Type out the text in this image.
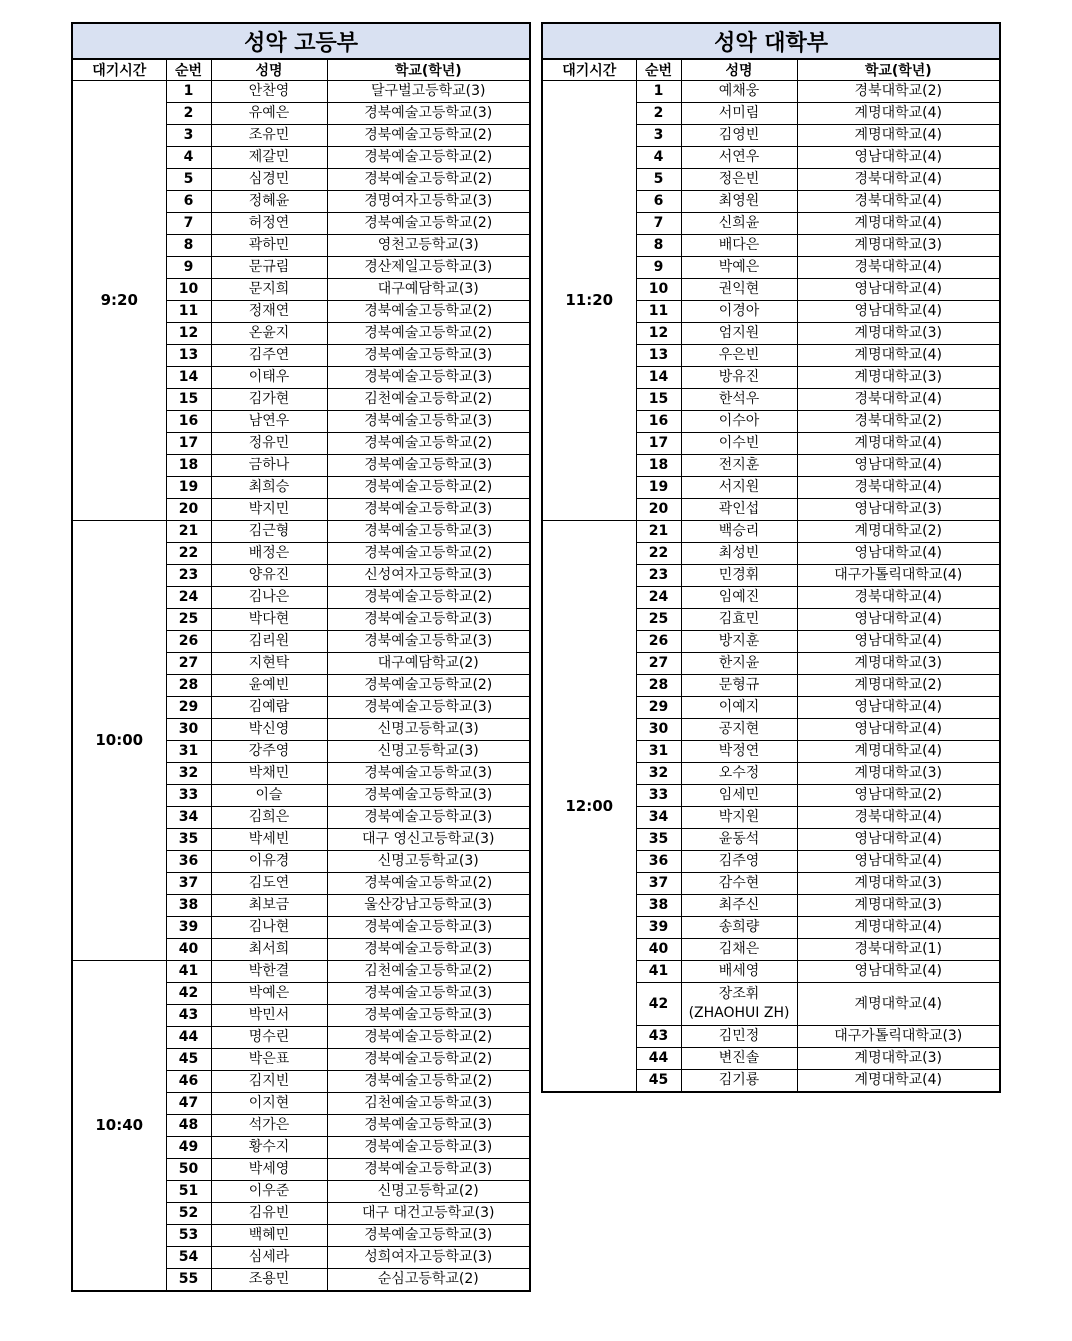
성악 고등부			
대기시간	순번	성명	학교(학년)
9:20	1	안찬영	달구벌고등학교(3)
	2	유예은	경북예술고등학교(3)
	3	조유민	경북예술고등학교(2)
	4	제갈민	경북예술고등학교(2)
	5	심경민	경북예술고등학교(2)
	6	정혜윤	경명여자고등학교(3)
	7	허정연	경북예술고등학교(2)
	8	곽하민	영천고등학교(3)
	9	문규림	경산제일고등학교(3)
	10	문지희	대구예담학교(3)
	11	정재연	경북예술고등학교(2)
	12	온윤지	경북예술고등학교(2)
	13	김주연	경북예술고등학교(3)
	14	이태우	경북예술고등학교(3)
	15	김가현	김천예술고등학교(2)
	16	남연우	경북예술고등학교(3)
	17	정유민	경북예술고등학교(2)
	18	금하나	경북예술고등학교(3)
	19	최희승	경북예술고등학교(2)
	20	박지민	경북예술고등학교(3)
10:00	21	김근형	경북예술고등학교(3)
	22	배정은	경북예술고등학교(2)
	23	양유진	신성여자고등학교(3)
	24	김나은	경북예술고등학교(2)
	25	박다현	경북예술고등학교(3)
	26	김리원	경북예술고등학교(3)
	27	지현탁	대구예담학교(2)
	28	윤예빈	경북예술고등학교(2)
	29	김예람	경북예술고등학교(3)
	30	박신영	신명고등학교(3)
	31	강주영	신명고등학교(3)
	32	박채민	경북예술고등학교(3)
	33	이슬	경북예술고등학교(3)
	34	김희은	경북예술고등학교(3)
	35	박세빈	대구 영신고등학교(3)
	36	이유경	신명고등학교(3)
	37	김도연	경북예술고등학교(2)
	38	최보금	울산강남고등학교(3)
	39	김나현	경북예술고등학교(3)
	40	최서희	경북예술고등학교(3)
10:40	41	박한결	김천예술고등학교(2)
	42	박예은	경북예술고등학교(3)
	43	박민서	경북예술고등학교(3)
	44	명수린	경북예술고등학교(2)
	45	박은표	경북예술고등학교(2)
	46	김지빈	경북예술고등학교(2)
	47	이지현	김천예술고등학교(3)
	48	석가은	경북예술고등학교(3)
	49	황수지	경북예술고등학교(3)
	50	박세영	경북예술고등학교(3)
	51	이우준	신명고등학교(2)
	52	김유빈	대구 대건고등학교(3)
	53	백혜민	경북예술고등학교(3)
	54	심세라	성희여자고등학교(3)
	55	조용민	순심고등학교(2)
성악 대학부			
대기시간	순번	성명	학교(학년)
11:20	1	예채웅	경북대학교(2)
	2	서미림	계명대학교(4)
	3	김영빈	계명대학교(4)
	4	서연우	영남대학교(4)
	5	정은빈	경북대학교(4)
	6	최영원	경북대학교(4)
	7	신희윤	계명대학교(4)
	8	배다은	계명대학교(3)
	9	박예은	경북대학교(4)
	10	권익현	영남대학교(4)
	11	이경아	영남대학교(4)
	12	엄지원	계명대학교(3)
	13	우은빈	계명대학교(4)
	14	방유진	계명대학교(3)
	15	한석우	경북대학교(4)
	16	이수아	경북대학교(2)
	17	이수빈	계명대학교(4)
	18	전지훈	영남대학교(4)
	19	서지원	경북대학교(4)
	20	곽인섭	영남대학교(3)
12:00	21	백승리	계명대학교(2)
	22	최성빈	영남대학교(4)
	23	민경휘	대구가톨릭대학교(4)
	24	임예진	경북대학교(4)
	25	김효민	영남대학교(4)
	26	방지훈	영남대학교(4)
	27	한지윤	계명대학교(3)
	28	문형규	계명대학교(2)
	29	이예지	영남대학교(4)
	30	공지현	영남대학교(4)
	31	박정연	계명대학교(4)
	32	오수정	계명대학교(3)
	33	임세민	영남대학교(2)
	34	박지원	경북대학교(4)
	35	윤동석	영남대학교(4)
	36	김주영	영남대학교(4)
	37	감수현	계명대학교(3)
	38	최주신	계명대학교(3)
	39	송희량	계명대학교(4)
	40	김채은	경북대학교(1)
	41	배세영	영남대학교(4)
	42	장조휘 (ZHAOHUI ZH)	계명대학교(4)
	43	김민정	대구가톨릭대학교(3)
	44	변진솔	계명대학교(3)
	45	김기룡	계명대학교(4)
